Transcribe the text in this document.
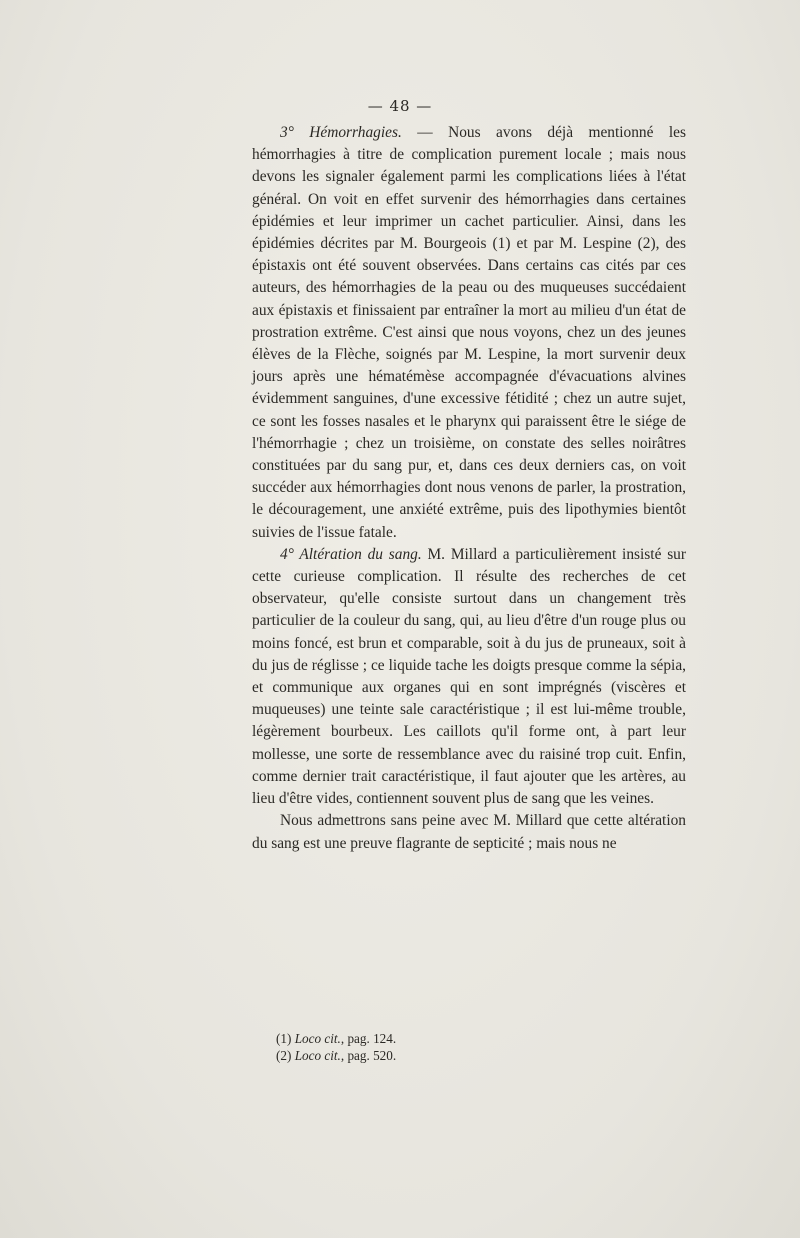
— 48 —

3° Hémorrhagies. — Nous avons déjà mentionné les hémorrhagies à titre de complication purement locale ; mais nous devons les signaler également parmi les complications liées à l'état général. On voit en effet survenir des hémorrhagies dans certaines épidémies et leur imprimer un cachet particulier. Ainsi, dans les épidémies décrites par M. Bourgeois (1) et par M. Lespine (2), des épistaxis ont été souvent observées. Dans certains cas cités par ces auteurs, des hémorrhagies de la peau ou des muqueuses succédaient aux épistaxis et finissaient par entraîner la mort au milieu d'un état de prostration extrême. C'est ainsi que nous voyons, chez un des jeunes élèves de la Flèche, soignés par M. Lespine, la mort survenir deux jours après une hématémèse accompagnée d'évacuations alvines évidemment sanguines, d'une excessive fétidité ; chez un autre sujet, ce sont les fosses nasales et le pharynx qui paraissent être le siége de l'hémorrhagie ; chez un troisième, on constate des selles noirâtres constituées par du sang pur, et, dans ces deux derniers cas, on voit succéder aux hémorrhagies dont nous venons de parler, la prostration, le découragement, une anxiété extrême, puis des lipothymies bientôt suivies de l'issue fatale.

4° Altération du sang. M. Millard a particulièrement insisté sur cette curieuse complication. Il résulte des recherches de cet observateur, qu'elle consiste surtout dans un changement très particulier de la couleur du sang, qui, au lieu d'être d'un rouge plus ou moins foncé, est brun et comparable, soit à du jus de pruneaux, soit à du jus de réglisse ; ce liquide tache les doigts presque comme la sépia, et communique aux organes qui en sont imprégnés (viscères et muqueuses) une teinte sale caractéristique ; il est lui-même trouble, légèrement bourbeux. Les caillots qu'il forme ont, à part leur mollesse, une sorte de ressemblance avec du raisiné trop cuit. Enfin, comme dernier trait caractéristique, il faut ajouter que les artères, au lieu d'être vides, contiennent souvent plus de sang que les veines.

Nous admettrons sans peine avec M. Millard que cette altération du sang est une preuve flagrante de septicité ; mais nous ne

(1) Loco cit., pag. 124.

(2) Loco cit., pag. 520.
